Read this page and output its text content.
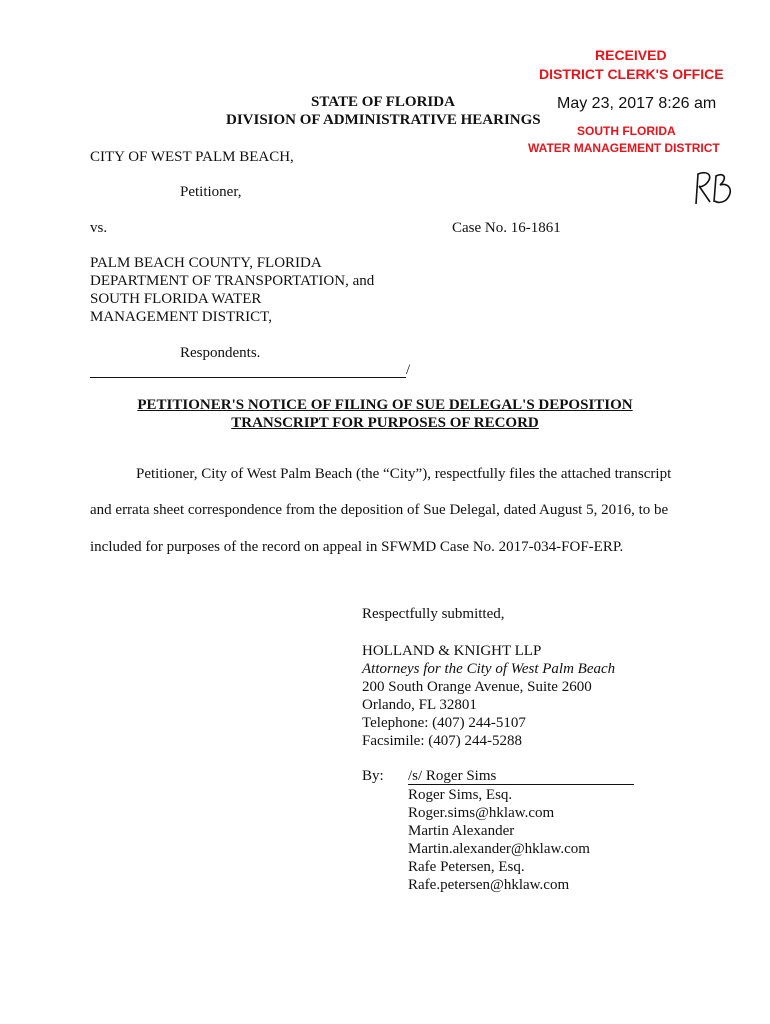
RECEIVED
DISTRICT CLERK'S OFFICE
May 23, 2017 8:26 am
SOUTH FLORIDA
WATER MANAGEMENT DISTRICT
STATE OF FLORIDA
DIVISION OF ADMINISTRATIVE HEARINGS
CITY OF WEST PALM BEACH,
Petitioner,
vs.	Case No. 16-1861
PALM BEACH COUNTY, FLORIDA
DEPARTMENT OF TRANSPORTATION, and
SOUTH FLORIDA WATER
MANAGEMENT DISTRICT,
Respondents.
/
PETITIONER'S NOTICE OF FILING OF SUE DELEGAL'S DEPOSITION
TRANSCRIPT FOR PURPOSES OF RECORD
Petitioner, City of West Palm Beach (the “City”), respectfully files the attached transcript
and errata sheet correspondence from the deposition of Sue Delegal, dated August 5, 2016, to be
included for purposes of the record on appeal in SFWMD Case No. 2017-034-FOF-ERP.
Respectfully submitted,
HOLLAND & KNIGHT LLP
Attorneys for the City of West Palm Beach
200 South Orange Avenue, Suite 2600
Orlando, FL 32801
Telephone: (407) 244-5107
Facsimile: (407) 244-5288
By: /s/ Roger Sims
Roger Sims, Esq.
Roger.sims@hklaw.com
Martin Alexander
Martin.alexander@hklaw.com
Rafe Petersen, Esq.
Rafe.petersen@hklaw.com
